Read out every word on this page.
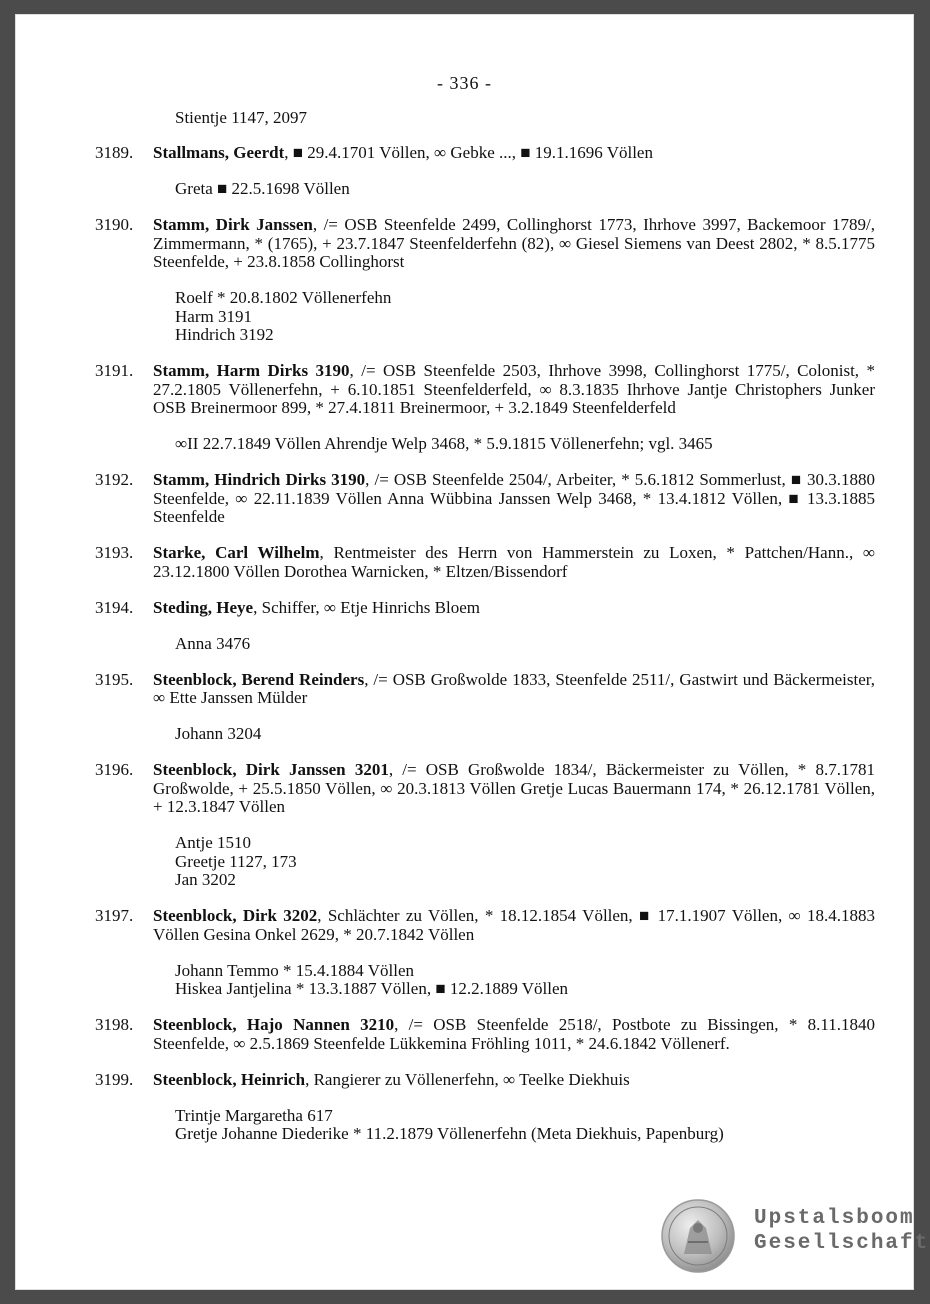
- 336 -
Stientje 1147, 2097
3189.	Stallmans, Geerdt, ■ 29.4.1701 Völlen, ∞ Gebke ..., ■ 19.1.1696 Völlen
Greta ■ 22.5.1698 Völlen
3190.	Stamm, Dirk Janssen, /= OSB Steenfelde 2499, Collinghorst 1773, Ihrhove 3997, Backemoor 1789/, Zimmermann, * (1765), + 23.7.1847 Steenfelderfehn (82), ∞ Giesel Siemens van Deest 2802, * 8.5.1775 Steenfelde, + 23.8.1858 Collinghorst
Roelf * 20.8.1802 Völlenerfehn
Harm 3191
Hindrich 3192
3191.	Stamm, Harm Dirks 3190, /= OSB Steenfelde 2503, Ihrhove 3998, Collinghorst 1775/, Colonist, * 27.2.1805 Völlenerfehn, + 6.10.1851 Steenfelderfeld, ∞ 8.3.1835 Ihrhove Jantje Christophers Junker OSB Breinermoor 899, * 27.4.1811 Breinermoor, + 3.2.1849 Steenfelderfeld
∞II 22.7.1849 Völlen Ahrendje Welp 3468, * 5.9.1815 Völlenerfehn; vgl. 3465
3192.	Stamm, Hindrich Dirks 3190, /= OSB Steenfelde 2504/, Arbeiter, * 5.6.1812 Sommerlust, ■ 30.3.1880 Steenfelde, ∞ 22.11.1839 Völlen Anna Wübbina Janssen Welp 3468, * 13.4.1812 Völlen, ■ 13.3.1885 Steenfelde
3193.	Starke, Carl Wilhelm, Rentmeister des Herrn von Hammerstein zu Loxen, * Pattchen/Hann., ∞ 23.12.1800 Völlen Dorothea Warnicken, * Eltzen/Bissendorf
3194.	Steding, Heye, Schiffer, ∞ Etje Hinrichs Bloem
Anna 3476
3195.	Steenblock, Berend Reinders, /= OSB Großwolde 1833, Steenfelde 2511/, Gastwirt und Bäckermeister, ∞ Ette Janssen Mülder
Johann 3204
3196.	Steenblock, Dirk Janssen 3201, /= OSB Großwolde 1834/, Bäckermeister zu Völlen, * 8.7.1781 Großwolde, + 25.5.1850 Völlen, ∞ 20.3.1813 Völlen Gretje Lucas Bauermann 174, * 26.12.1781 Völlen, + 12.3.1847 Völlen
Antje 1510
Greetje 1127, 173
Jan 3202
3197.	Steenblock, Dirk 3202, Schlächter zu Völlen, * 18.12.1854 Völlen, ■ 17.1.1907 Völlen, ∞ 18.4.1883 Völlen Gesina Onkel 2629, * 20.7.1842 Völlen
Johann Temmo * 15.4.1884 Völlen
Hiskea Jantjelina * 13.3.1887 Völlen, ■ 12.2.1889 Völlen
3198.	Steenblock, Hajo Nannen 3210, /= OSB Steenfelde 2518/, Postbote zu Bissingen, * 8.11.1840 Steenfelde, ∞ 2.5.1869 Steenfelde Lükkemina Fröhling 1011, * 24.6.1842 Völlenerf.
3199.	Steenblock, Heinrich, Rangierer zu Völlenerfehn, ∞ Teelke Diekhuis
Trintje Margaretha 617
Gretje Johanne Diederike * 11.2.1879 Völlenerfehn (Meta Diekhuis, Papenburg)
Upstalsboom
Gesellschaft
